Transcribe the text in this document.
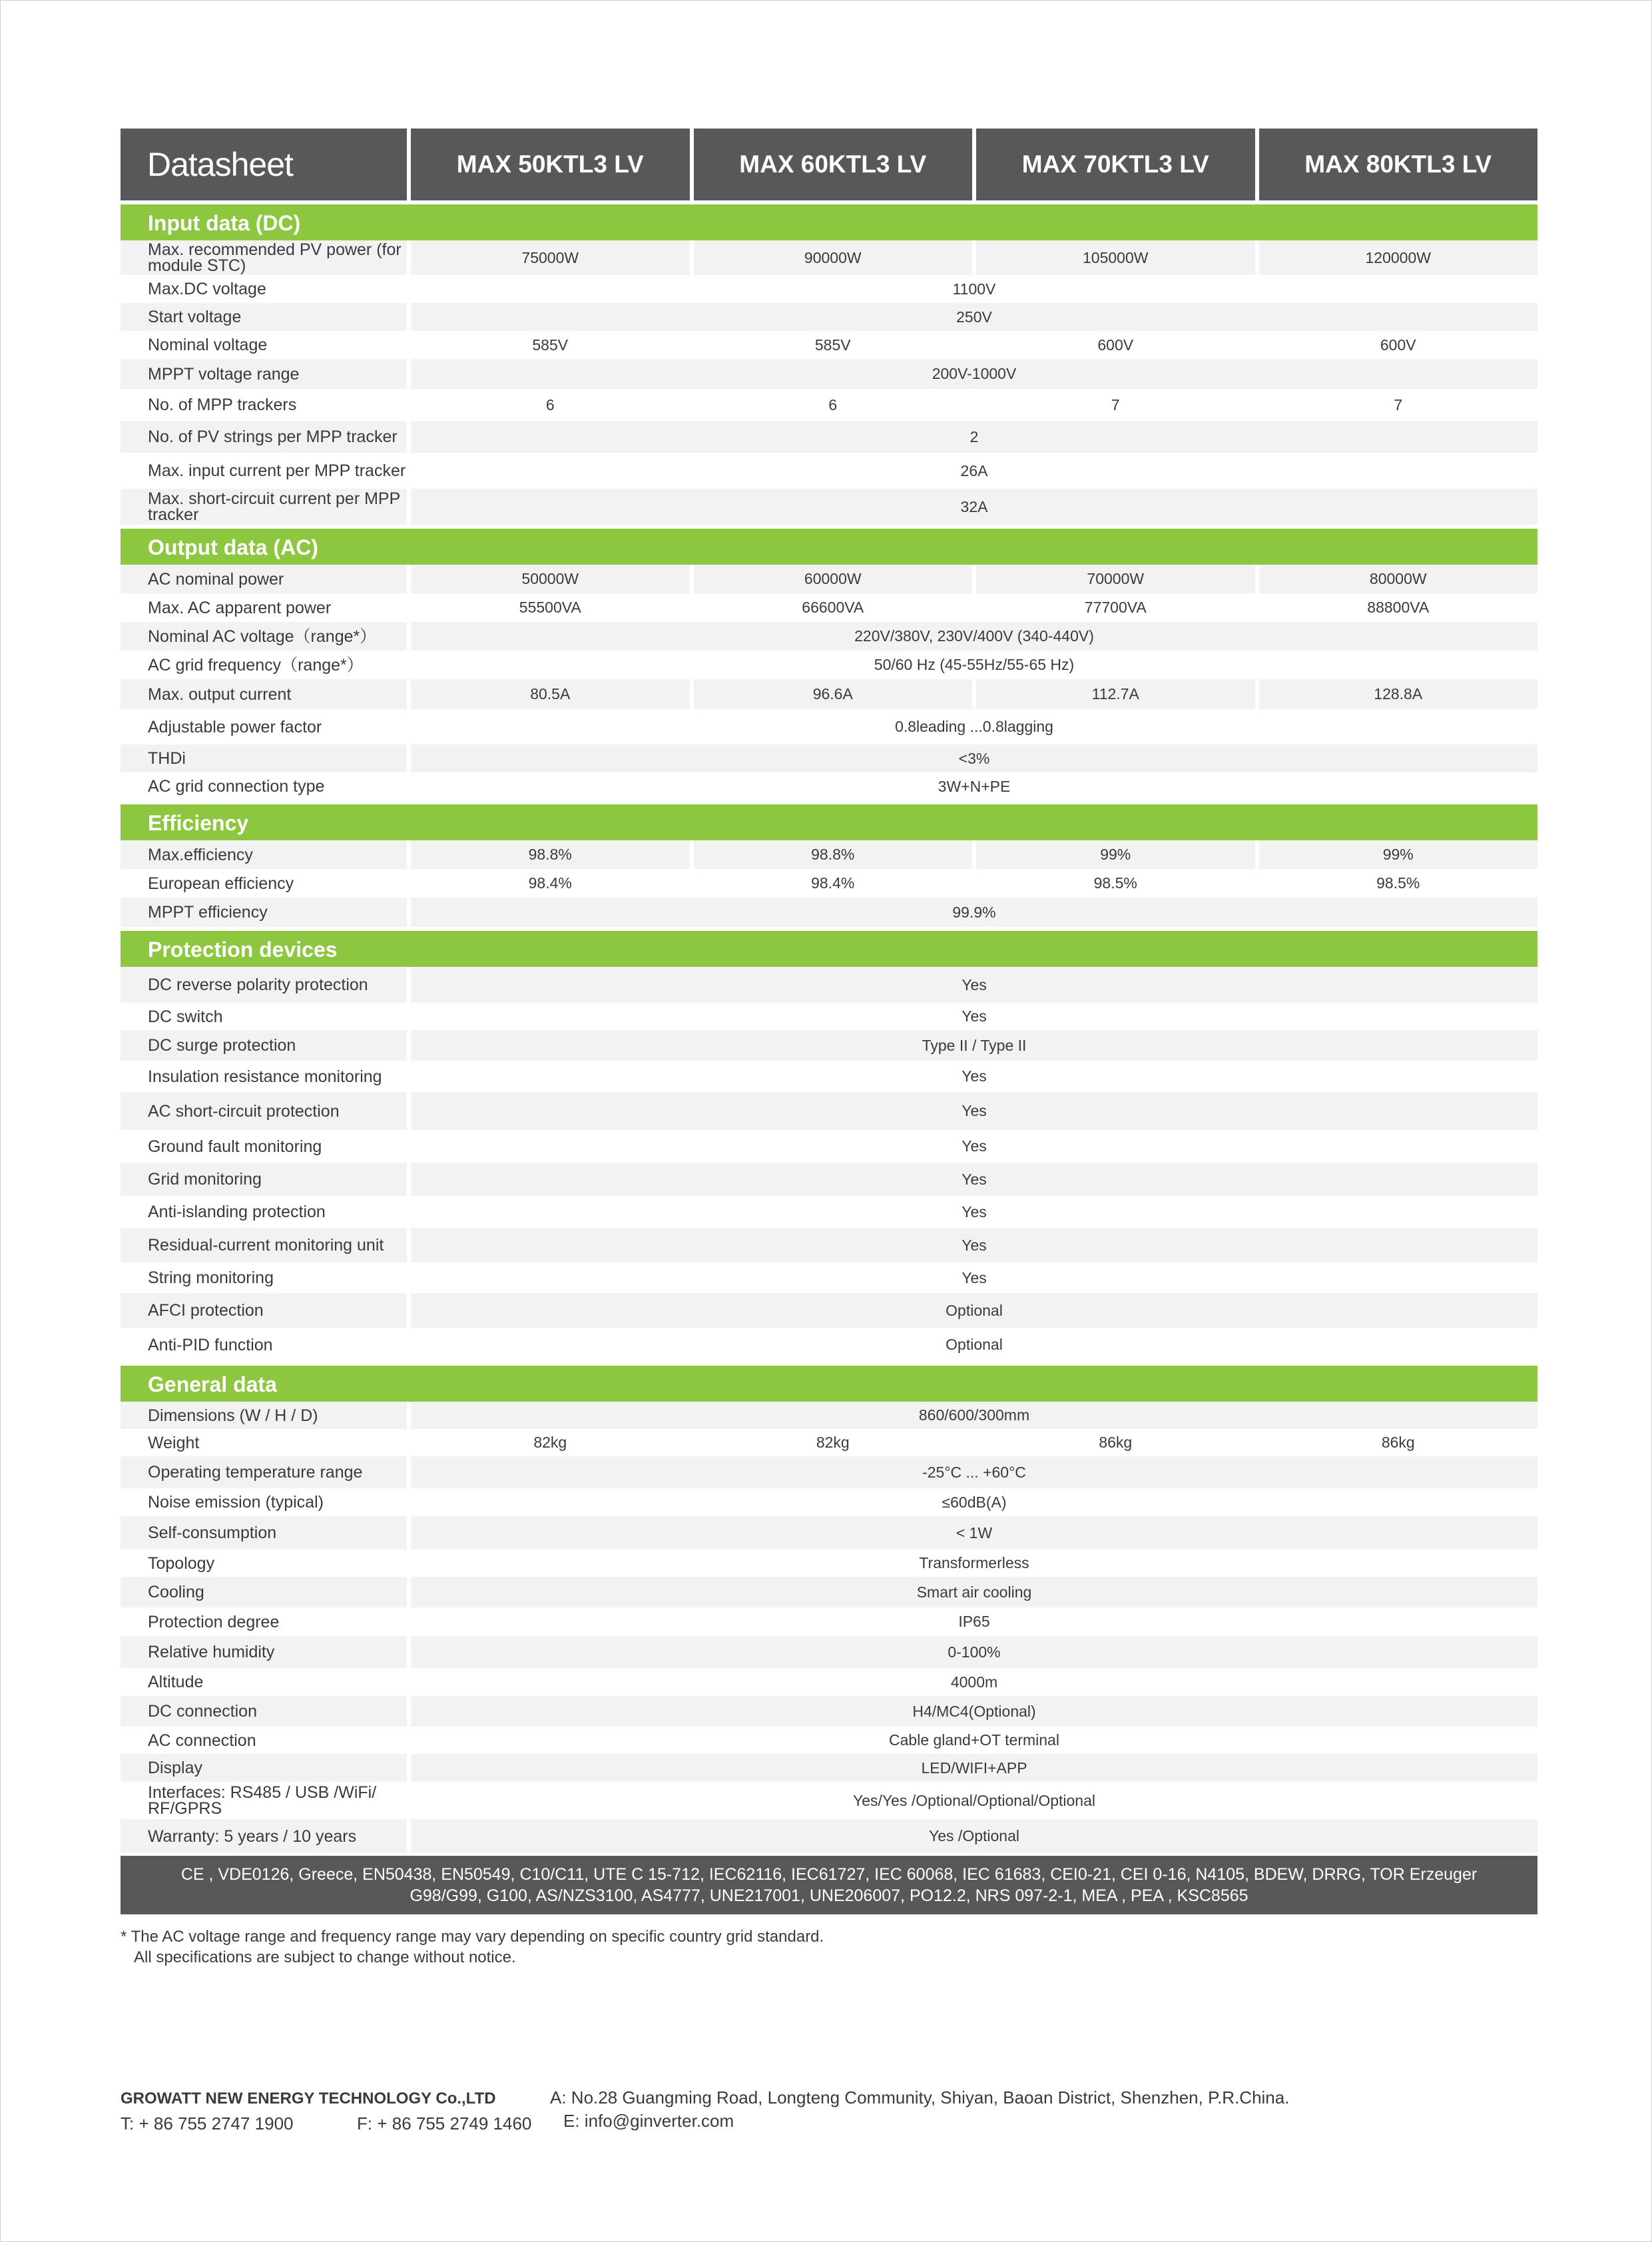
Datasheet	MAX 50KTL3 LV	MAX 60KTL3 LV	MAX 70KTL3 LV	MAX 80KTL3 LV
Input data (DC)
Max. recommended PV power (for module STC)	75000W	90000W	105000W	120000W
Max.DC voltage	1100V
Start voltage	250V
Nominal voltage	585V	585V	600V	600V
MPPT voltage range	200V-1000V
No. of MPP trackers	6	6	7	7
No. of PV strings per MPP tracker	2
Max. input current per MPP tracker	26A
Max. short-circuit current per MPP tracker	32A
Output data (AC)
AC nominal power	50000W	60000W	70000W	80000W
Max. AC apparent power	55500VA	66600VA	77700VA	88800VA
Nominal AC voltage（range*）	220V/380V, 230V/400V (340-440V)
AC grid frequency（range*）	50/60 Hz (45-55Hz/55-65 Hz)
Max. output current	80.5A	96.6A	112.7A	128.8A
Adjustable power factor	0.8leading ...0.8lagging
THDi	<3%
AC grid connection type	3W+N+PE
Efficiency
Max.efficiency	98.8%	98.8%	99%	99%
European efficiency	98.4%	98.4%	98.5%	98.5%
MPPT efficiency	99.9%
Protection devices
DC reverse polarity protection	Yes
DC switch	Yes
DC surge protection	Type II / Type II
Insulation resistance monitoring	Yes
AC short-circuit protection	Yes
Ground fault monitoring	Yes
Grid monitoring	Yes
Anti-islanding protection	Yes
Residual-current monitoring unit	Yes
String monitoring	Yes
AFCI protection	Optional
Anti-PID function	Optional
General data
Dimensions (W / H / D)	860/600/300mm
Weight	82kg	82kg	86kg	86kg
Operating temperature range	-25°C ... +60°C
Noise emission (typical)	≤60dB(A)
Self-consumption	< 1W
Topology	Transformerless
Cooling	Smart air cooling
Protection degree	IP65
Relative humidity	0-100%
Altitude	4000m
DC connection	H4/MC4(Optional)
AC connection	Cable gland+OT terminal
Display	LED/WIFI+APP
Interfaces: RS485 / USB /WiFi/ RF/GPRS	Yes/Yes /Optional/Optional/Optional
Warranty: 5 years / 10 years	Yes /Optional
CE , VDE0126, Greece, EN50438, EN50549, C10/C11, UTE C 15-712, IEC62116, IEC61727, IEC 60068, IEC 61683, CEI0-21, CEI 0-16, N4105, BDEW, DRRG, TOR Erzeuger
G98/G99, G100, AS/NZS3100, AS4777, UNE217001, UNE206007, PO12.2, NRS 097-2-1, MEA , PEA , KSC8565
* The AC voltage range and frequency range may vary depending on specific country grid standard.
All specifications are subject to change without notice.
GROWATT NEW ENERGY TECHNOLOGY Co.,LTD	A: No.28 Guangming Road, Longteng Community, Shiyan, Baoan District, Shenzhen, P.R.China.
T: + 86 755 2747 1900	F: + 86 755 2749 1460 E: info@ginverter.com
